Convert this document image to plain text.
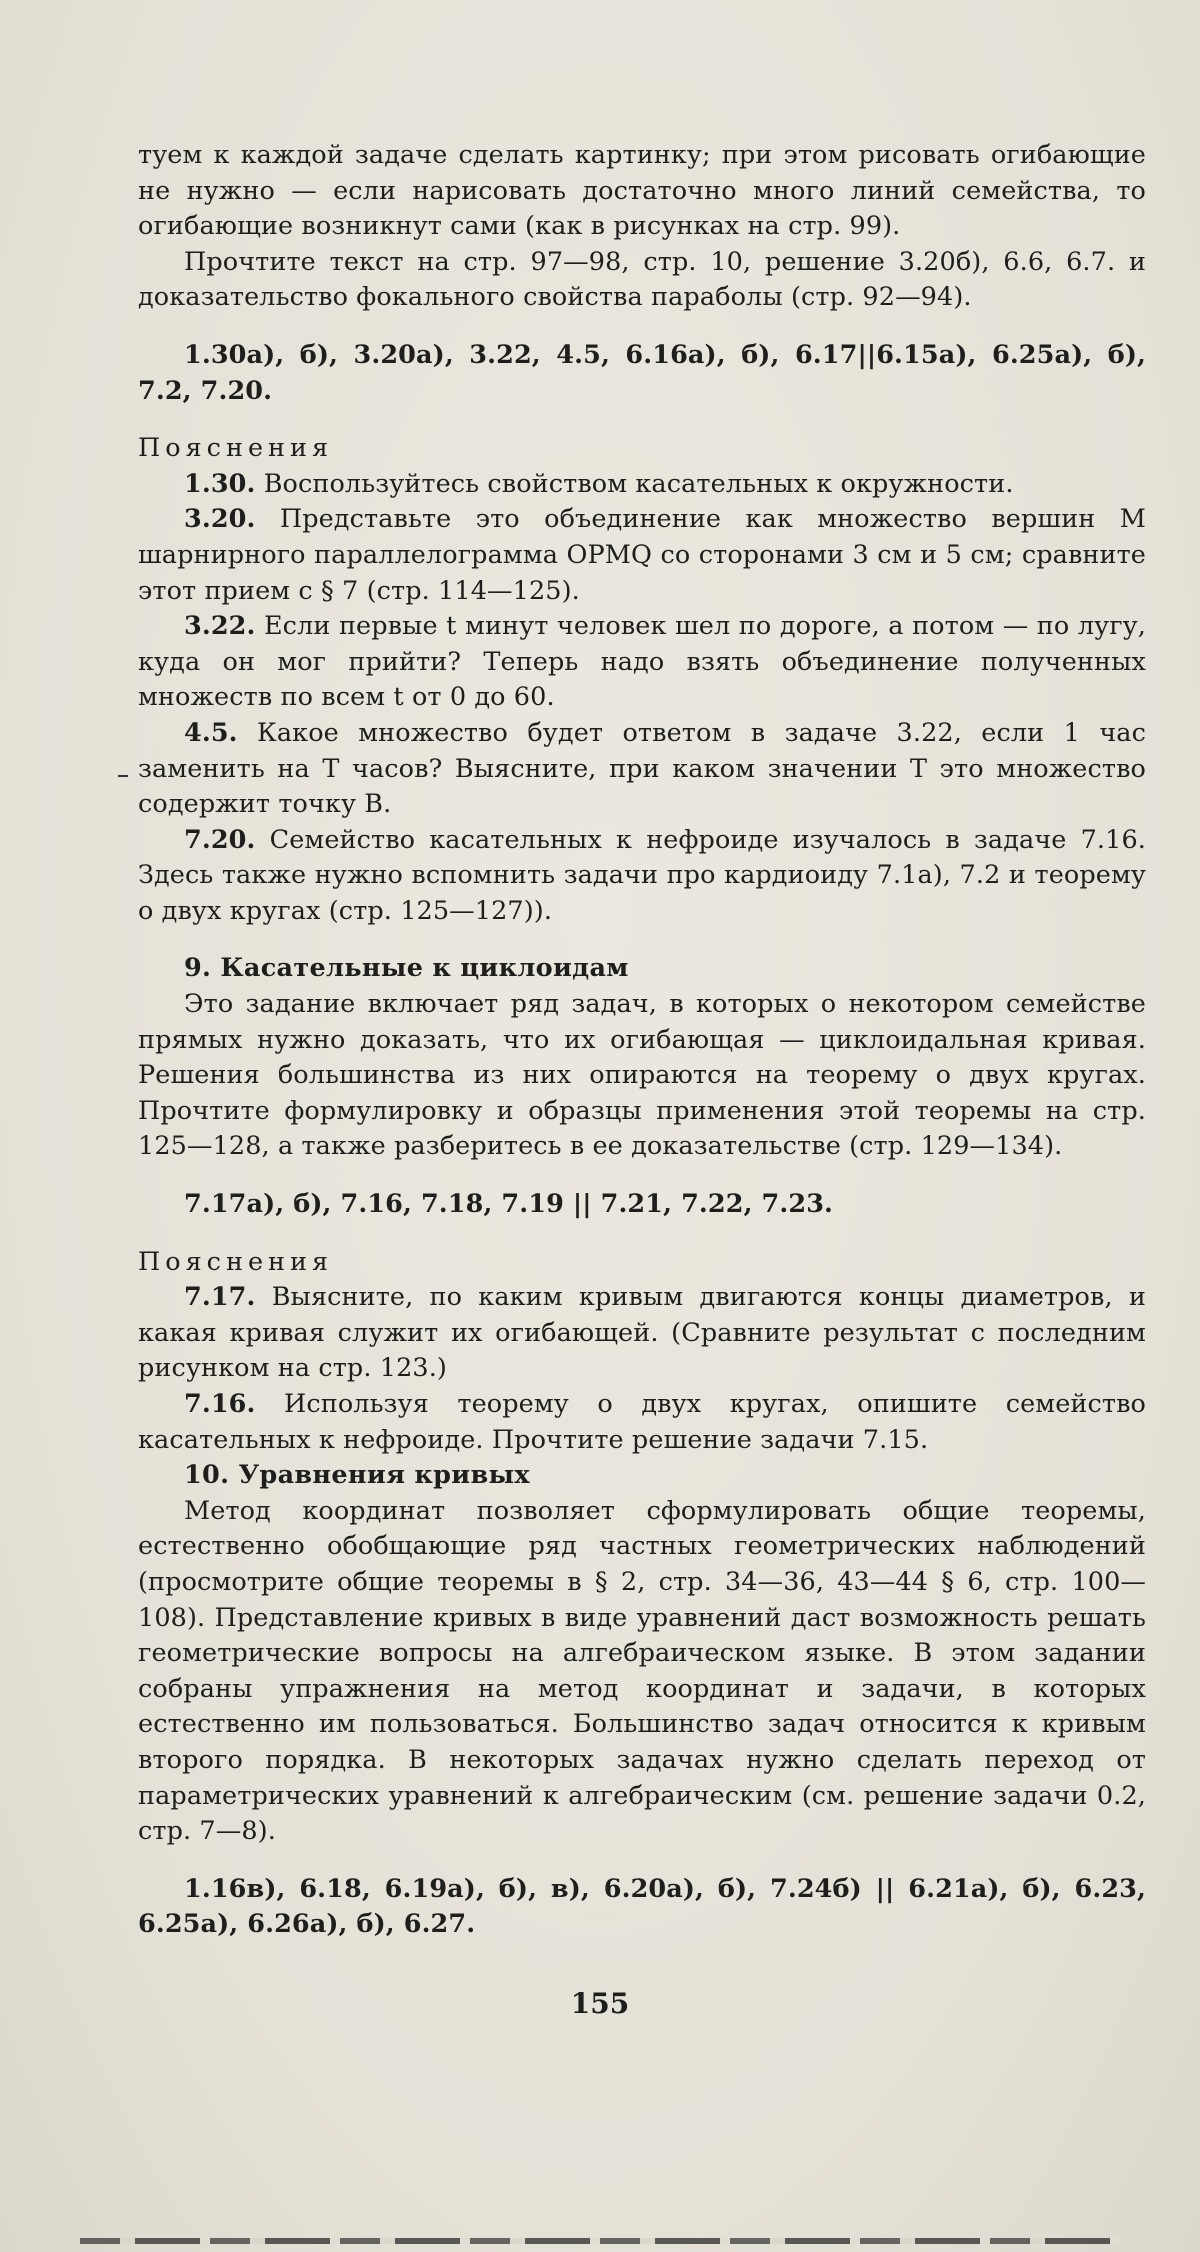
туем к каждой задаче сделать картинку; при этом рисовать огибающие не нужно — если нарисовать достаточно много линий семейства, то огибающие возникнут сами (как в рисунках на стр. 99).

Прочтите текст на стр. 97—98, стр. 10, решение 3.20б), 6.6, 6.7. и доказательство фокального свойства параболы (стр. 92—94).

1.30а), б), 3.20а), 3.22, 4.5, 6.16а), б), 6.17||6.15а), 6.25а), б), 7.2, 7.20.

Пояснения

1.30. Воспользуйтесь свойством касательных к окружности.

3.20. Представьте это объединение как множество вершин M шарнирного параллелограмма OPMQ со сторонами 3 см и 5 см; сравните этот прием с § 7 (стр. 114—125).

3.22. Если первые t минут человек шел по дороге, а потом — по лугу, куда он мог прийти? Теперь надо взять объединение полученных множеств по всем t от 0 до 60.

4.5. Какое множество будет ответом в задаче 3.22, если 1 час заменить на T часов? Выясните, при каком значении T это множество содержит точку B.

7.20. Семейство касательных к нефроиде изучалось в задаче 7.16. Здесь также нужно вспомнить задачи про кардиоиду 7.1а), 7.2 и теорему о двух кругах (стр. 125—127)).

9. Касательные к циклоидам

Это задание включает ряд задач, в которых о некотором семействе прямых нужно доказать, что их огибающая — циклоидальная кривая. Решения большинства из них опираются на теорему о двух кругах. Прочтите формулировку и образцы применения этой теоремы на стр. 125—128, а также разберитесь в ее доказательстве (стр. 129—134).

7.17а), б), 7.16, 7.18, 7.19 || 7.21, 7.22, 7.23.

Пояснения

7.17. Выясните, по каким кривым двигаются концы диаметров, и какая кривая служит их огибающей. (Сравните результат с последним рисунком на стр. 123.)

7.16. Используя теорему о двух кругах, опишите семейство касательных к нефроиде. Прочтите решение задачи 7.15.

10. Уравнения кривых

Метод координат позволяет сформулировать общие теоремы, естественно обобщающие ряд частных геометрических наблюдений (просмотрите общие теоремы в § 2, стр. 34—36, 43—44 § 6, стр. 100—108). Представление кривых в виде уравнений даст возможность решать геометрические вопросы на алгебраическом языке. В этом задании собраны упражнения на метод координат и задачи, в которых естественно им пользоваться. Большинство задач относится к кривым второго порядка. В некоторых задачах нужно сделать переход от параметрических уравнений к алгебраическим (см. решение задачи 0.2, стр. 7—8).

1.16в), 6.18, 6.19а), б), в), 6.20а), б), 7.24б) || 6.21а), б), 6.23, 6.25а), 6.26а), б), 6.27.

155
